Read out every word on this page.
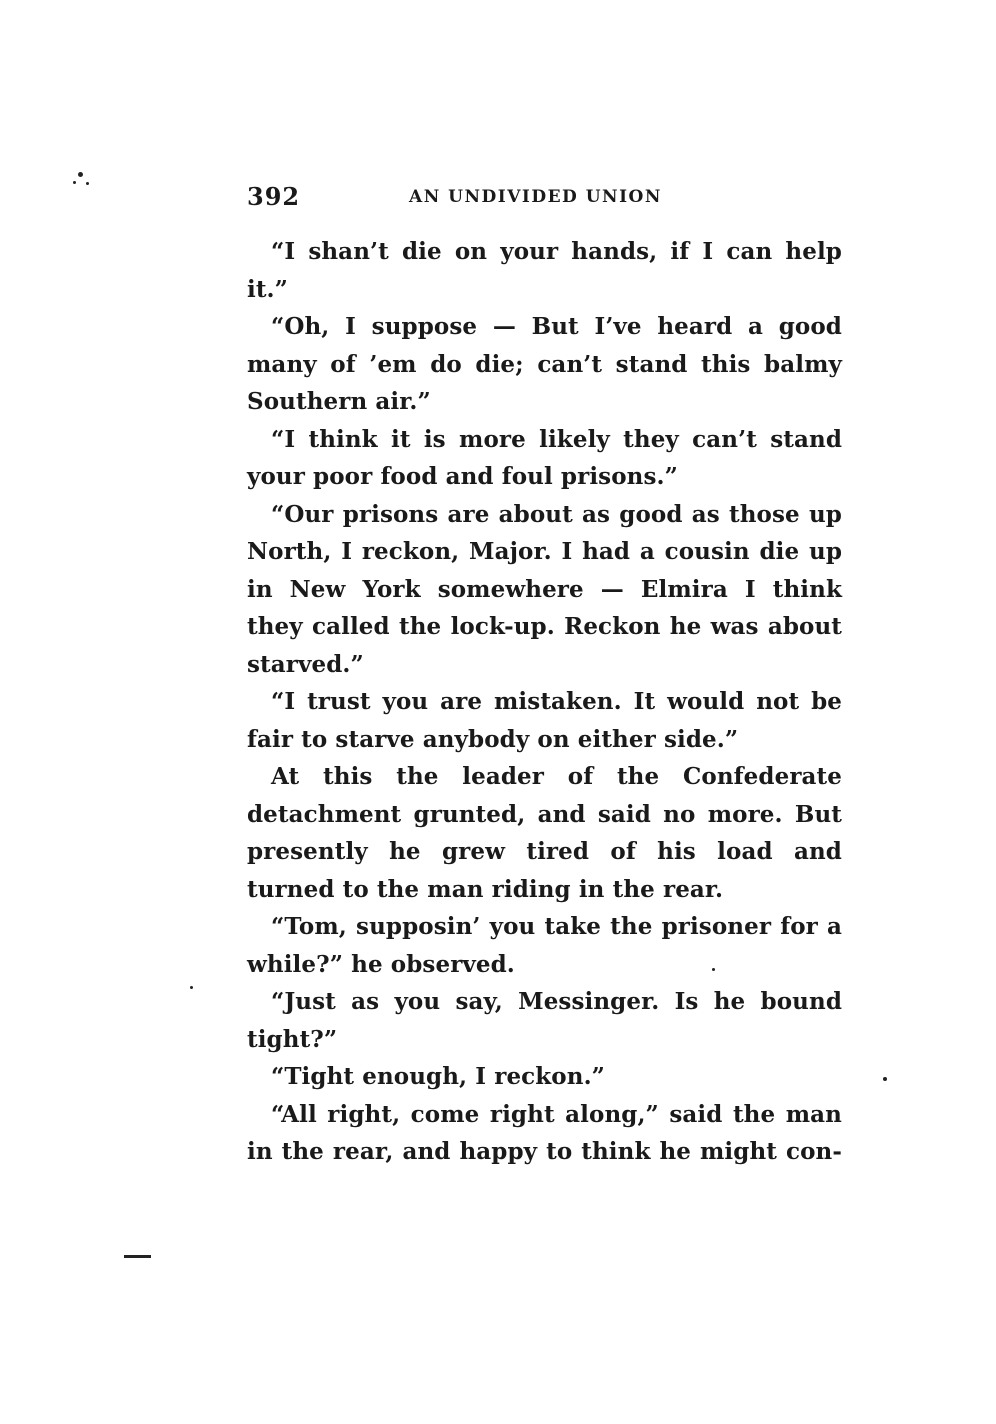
392	AN UNDIVIDED UNION

“I shan’t die on your hands, if I can help it.”

“Oh, I suppose — But I’ve heard a good many of ’em do die; can’t stand this balmy Southern air.”

“I think it is more likely they can’t stand your poor food and foul prisons.”

“Our prisons are about as good as those up North, I reckon, Major. I had a cousin die up in New York somewhere — Elmira I think they called the lock-up. Reckon he was about starved.”

“I trust you are mistaken. It would not be fair to starve anybody on either side.”

At this the leader of the Confederate detachment grunted, and said no more. But presently he grew tired of his load and turned to the man riding in the rear.

“Tom, supposin’ you take the prisoner for a while?” he observed.

“Just as you say, Messinger. Is he bound tight?”

“Tight enough, I reckon.”

“All right, come right along,” said the man in the rear, and happy to think he might con-
